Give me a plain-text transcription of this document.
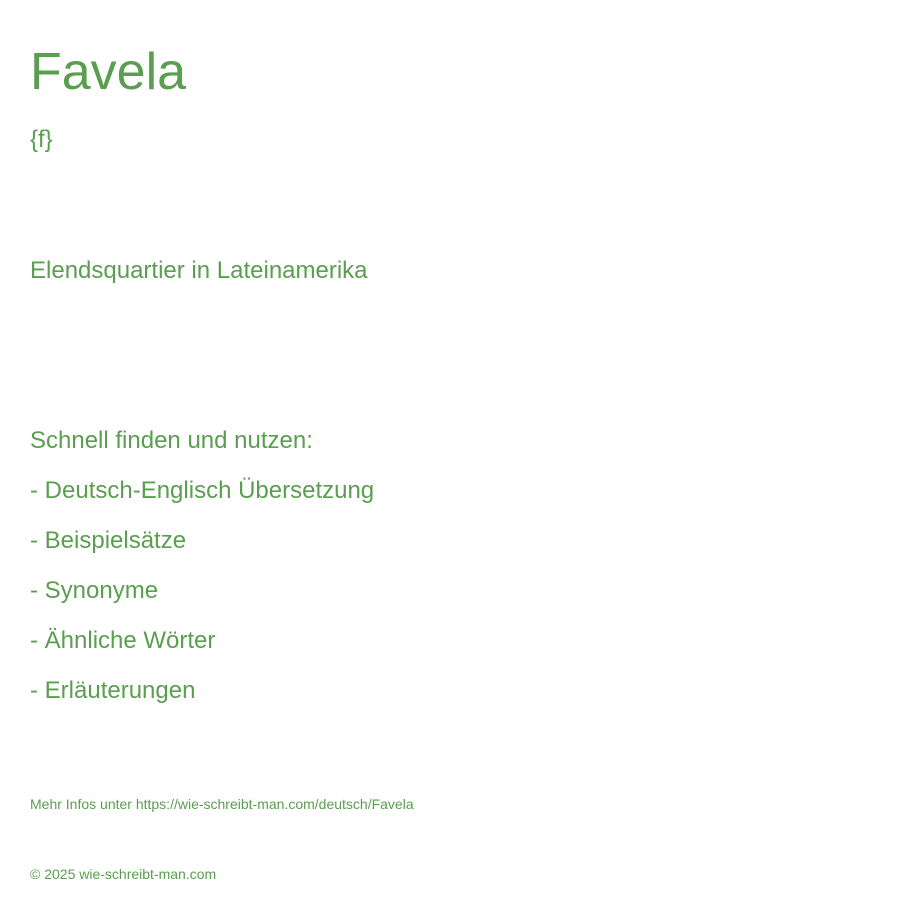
Favela
{f}
Elendsquartier in Lateinamerika
Schnell finden und nutzen:
- Deutsch-Englisch Übersetzung
- Beispielsätze
- Synonyme
- Ähnliche Wörter
- Erläuterungen
Mehr Infos unter https://wie-schreibt-man.com/deutsch/Favela
© 2025 wie-schreibt-man.com
